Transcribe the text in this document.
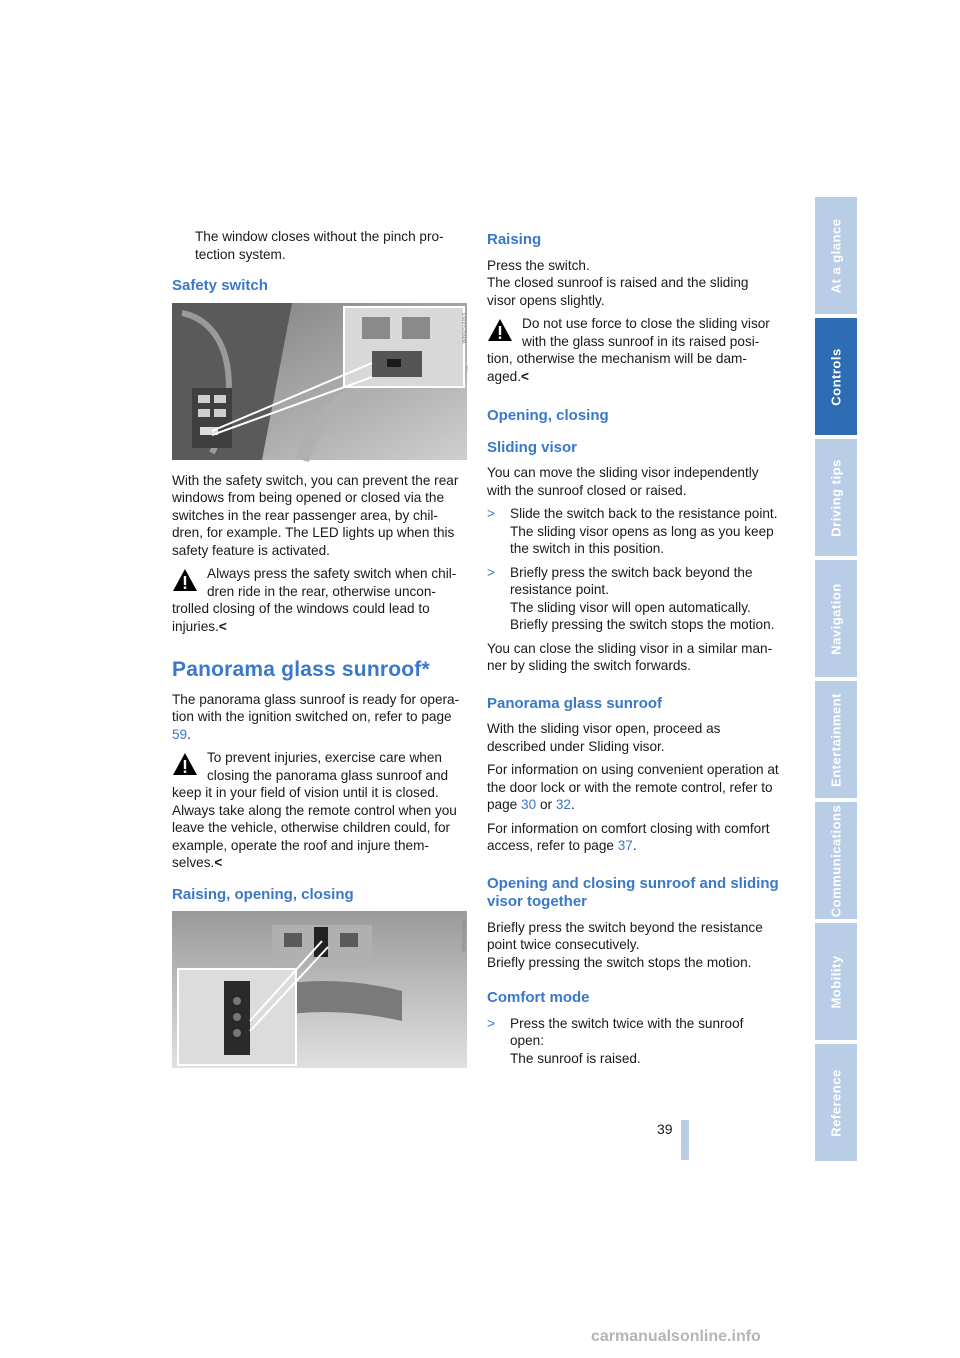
The window closes without the pinch pro-tection system.

Safety switch
W6NS0063

With the safety switch, you can prevent the rear windows from being opened or closed via the switches in the rear passenger area, by chil-dren, for example. The LED lights up when this safety feature is activated.

Always press the safety switch when chil-dren ride in the rear, otherwise uncon- trolled closing of the windows could lead to injuries.<
Panorama glass sunroof*

The panorama glass sunroof is ready for opera-tion with the ignition switched on, refer to page 59.

To prevent injuries, exercise care when closing the panorama glass sunroof and keep it in your field of vision until it is closed. Always take along the remote control when you leave the vehicle, otherwise children could, for example, operate the roof and injure them-selves.<
Raising, opening, closing
W6NS0064
Raising

Press the switch.

The closed sunroof is raised and the sliding visor opens slightly.

Do not use force to close the sliding visor with the glass sunroof in its raised posi- tion, otherwise the mechanism will be dam-aged.<
Opening, closing
Sliding visor

You can move the sliding visor independently with the sunroof closed or raised.

> Slide the switch back to the resistance point.
The sliding visor opens as long as you keep the switch in this position.
> Briefly press the switch back beyond the resistance point.
The sliding visor will open automatically.
Briefly pressing the switch stops the motion.

You can close the sliding visor in a similar man-ner by sliding the switch forwards.

Panorama glass sunroof

With the sliding visor open, proceed as described under Sliding visor.

For information on using convenient operation at the door lock or with the remote control, refer to page 30 or 32.

For information on comfort closing with comfort access, refer to page 37.

Opening and closing sunroof and sliding visor together

Briefly press the switch beyond the resistance point twice consecutively.

Briefly pressing the switch stops the motion.

Comfort mode
> Press the switch twice with the sunroof open:
The sunroof is raised.
At a glance
Controls
Driving tips
Navigation
Entertainment
Communications
Mobility
Reference
39
carmanualsonline.info
